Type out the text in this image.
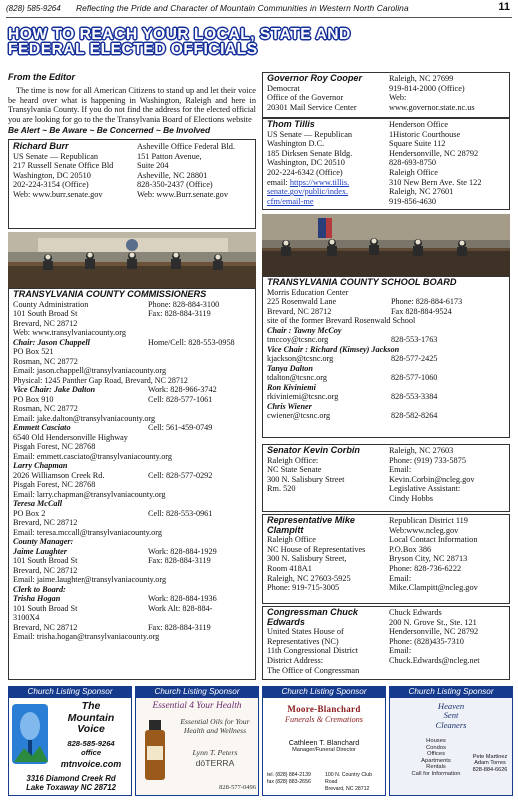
(828) 585-9264 Reflecting the Pride and Character of Mountain Communities in Western North Carolina	11
HOW TO REACH YOUR LOCAL, STATE AND
FEDERAL ELECTED OFFICIALS
From the Editor
The time is now for all American Citizens to stand up and let their voice be heard over what is happening in Washington, Raleigh and here in Transylvania County. If you do not find the address for the elected official you are looking for go to the the Transylvania Board of Elections website
Be Alert ~ Be Aware ~ Be Concerned ~ Be Involved
Richard Burr
US Senate — Republican
217 Russell Senate Office Bld
Washington, DC 20510
202-224-3154 (Office)
Web: www.burr.senate.gov
Asheville Office Federal Bld.
151 Patton Avenue,
Suite 204
Asheville, NC 28801
828-350-2437 (Office)
Web: www.Burr.senate.gov
TRANSYLVANIA COUNTY COMMISSIONERS
County Administration	Phone: 828-884-3100
101 South Broad St	Fax: 828-884-3119
Brevard, NC 28712
Web: www.transylvaniacounty.org
Chair: Jason Chappell	Home/Cell: 828-553-0958
PO Box 521
Rosman, NC 28772
Email: jason.chappell@transylvaniacounty.org
Physical: 1245 Panther Gap Road, Brevard, NC 28712
Vice Chair: Jake Dalton	Work: 828-966-3742
PO Box 910	Cell: 828-577-1061
Rosman, NC 28772
Email: jake.dalton@transylvaniacounty.org
Emmett Casciato	Cell: 561-459-0749
6540 Old Hendersonville Highway
Pisgah Forest, NC 28768
Email: emmett.casciato@transylvaniacounty.org
Larry Chapman
2026 Williamson Creek Rd.	Cell: 828-577-0292
Pisgah Forest, NC 28768
Email: larry.chapman@transylvaniacounty.org
Teresa McCall
PO Box 2	Cell: 828-553-0961
Brevard, NC 28712
Email: teresa.mccall@transylvaniacounty.org
County Manager:
Jaime Laughter	Work: 828-884-1929
101 South Broad St	Fax: 828-884-3119
Brevard, NC 28712
Email: jaime.laughter@transylvaniacounty.org
Clerk to Board:
Trisha Hogan	Work: 828-884-1936
101 South Broad St	Work Alt: 828-884-
3100X4
Brevard, NC 28712	Fax: 828-884-3119
Email: trisha.hogan@transylvaniacounty.org
Governor Roy Cooper
Democrat
Office of the Governor
20301 Mail Service Center
Raleigh, NC 27699
919-814-2000 (Office)
Web:
www.governor.state.nc.us
Thom Tillis
US Senate — Republican
Washington D.C.
185 Dirksen Senate Bldg.
Washington, DC 20510
202-224-6342 (Office)
email: https://www.tillis.
senate.gov/public/index.
cfm/email-me
Henderson Office
1Historic Courthouse
Square Suite 112
Hendersonville, NC 28792
828-693-8750
Raleigh Office
310 New Bern Ave. Ste 122
Raleigh, NC 27601
919-856-4630
TRANSYLVANIA COUNTY SCHOOL BOARD
Morris Education Center
225 Rosenwald Lane	Phone: 828-884-6173
Brevard, NC 28712	Fax 828-884-9524
site of the former Brevard Rosenwald School
Chair : Tawny McCoy
tmccoy@tcsnc.org	828-553-1763
Vice Chair : Richard (Kimsey) Jackson
kjackson@tcsnc.org	828-577-2425
Tanya Dalton
tdalton@tcsnc.org	828-577-1060
Ron Kiviniemi
rkiviniemi@tcsnc.org	828-553-3384
Chris Wiener
cwiener@tcsnc.org	828-582-8264
Senator Kevin Corbin
Raleigh Office:
NC State Senate
300 N. Salisbury Street
Rm. 520
Raleigh, NC 27603
Phone: (919) 733-5875
Email:
Kevin.Corbin@ncleg.gov
Legislative Assistant:
Cindy Hobbs
Representative Mike
Clampitt
Raleigh Office
NC House of Representatives
300 N. Salisbury Street,
Room 418A1
Raleigh, NC 27603-5925
Phone: 919-715-3005
Republican District 119
Web:www.ncleg.gov
Local Contact Information
P.O.Box 386
Bryson City, NC 28713
Phone: 828-736-6222
Email:
Mike.Clampitt@ncleg.gov
Congressman Chuck
Edwards
United States House of
Representatives (NC)
11th Congressional District
District Address:
The Office of Congressman
Chuck Edwards
200 N. Grove St., Ste. 121
Hendersonville, NC 28792
Phone: (828)435-7310
Email:
Chuck.Edwards@ncleg.net
Church Listing Sponsor
The
Mountain
Voice
828-585-9264
office
mtnvoice.com
3316 Diamond Creek Rd
Lake Toxaway NC 28712
Church Listing Sponsor
Essential 4 Your Health
Essential Oils for Your
Health and Wellness
Lynn T. Peters
dōTERRA
828-577-0496
Church Listing Sponsor
Moore-Blanchard
Funerals & Cremations
Cathleen T. Blanchard
Manager/Funeral Director
tel. (828) 884-2139
fax (828) 883-2656
100 N. Country Club Road
Brevard, NC 28712
Church Listing Sponsor
Heaven
Sent
Cleaners
Houses
Condos
Offices
Apartments
Rentals
Call for Information
Pete Martinez Adam Torres
828-884-6626
